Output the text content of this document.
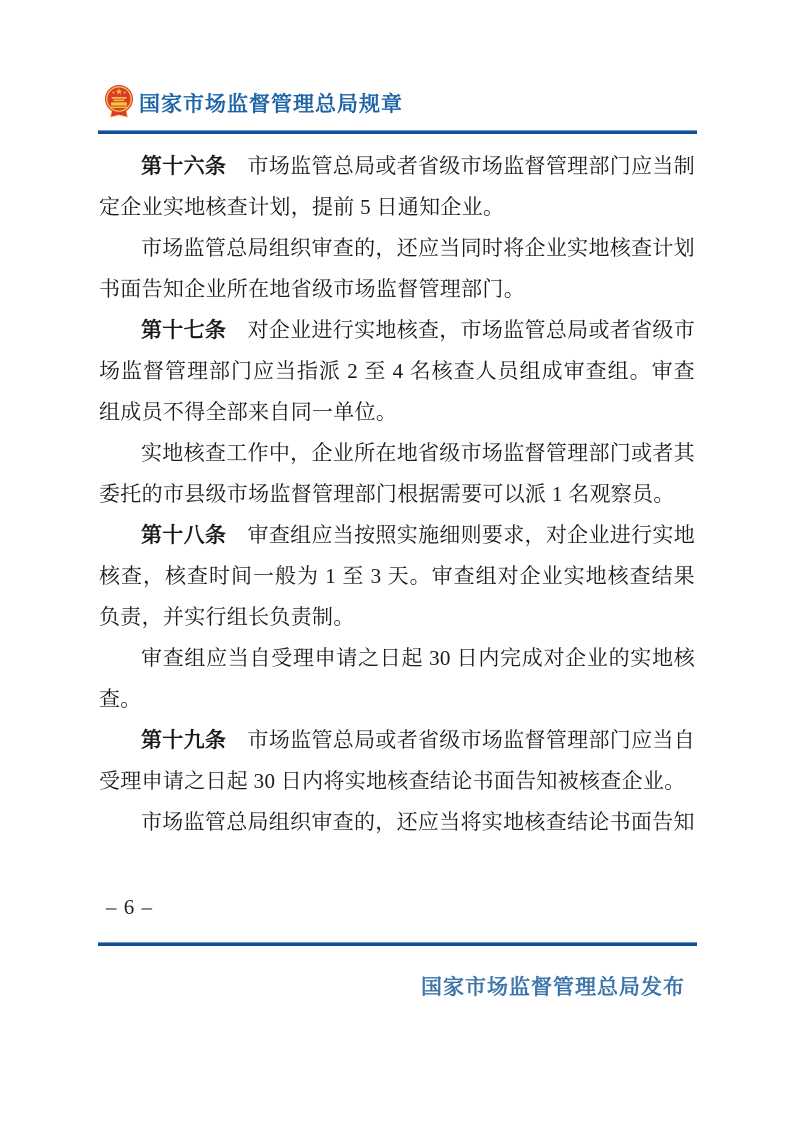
国家市场监督管理总局规章

第十六条　市场监管总局或者省级市场监督管理部门应当制定企业实地核查计划，提前 5 日通知企业。

市场监管总局组织审查的，还应当同时将企业实地核查计划书面告知企业所在地省级市场监督管理部门。

第十七条　对企业进行实地核查，市场监管总局或者省级市场监督管理部门应当指派 2 至 4 名核查人员组成审查组。审查组成员不得全部来自同一单位。

实地核查工作中，企业所在地省级市场监督管理部门或者其委托的市县级市场监督管理部门根据需要可以派 1 名观察员。

第十八条　审查组应当按照实施细则要求，对企业进行实地核查，核查时间一般为 1 至 3 天。审查组对企业实地核查结果负责，并实行组长负责制。

审查组应当自受理申请之日起 30 日内完成对企业的实地核查。

第十九条　市场监管总局或者省级市场监督管理部门应当自受理申请之日起 30 日内将实地核查结论书面告知被核查企业。

市场监管总局组织审查的，还应当将实地核查结论书面告知

– 6 –
国家市场监督管理总局发布
